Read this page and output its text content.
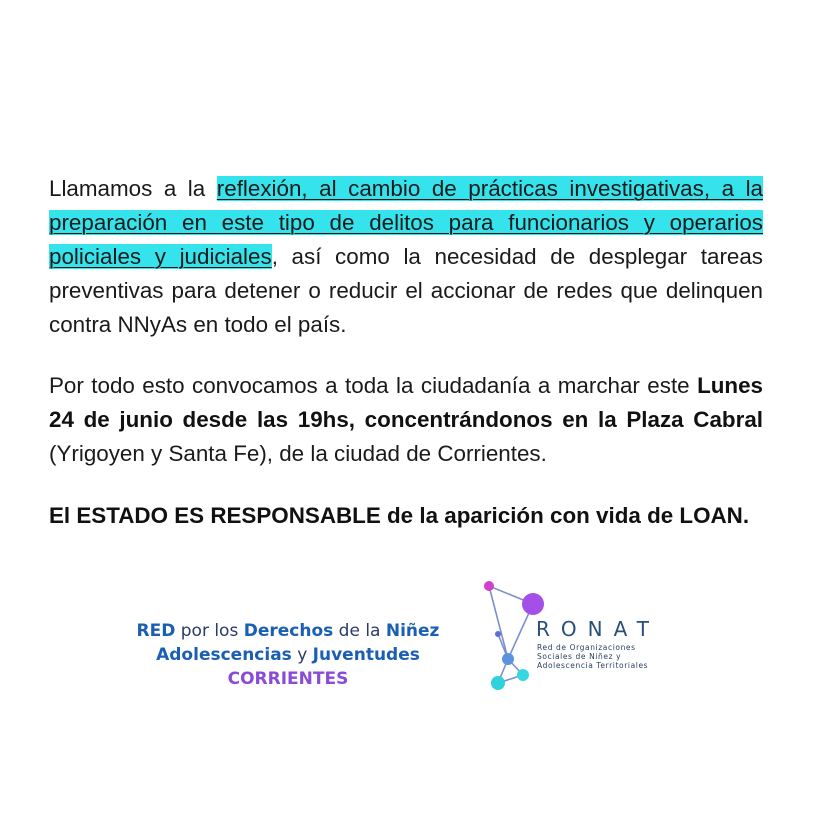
Llamamos a la reflexión, al cambio de prácticas investigativas, a la preparación en este tipo de delitos para funcionarios y operarios policiales y judiciales, así como la necesidad de desplegar tareas preventivas para detener o reducir el accionar de redes que delinquen contra NNyAs en todo el país.
Por todo esto convocamos a toda la ciudadanía a marchar este Lunes 24 de junio desde las 19hs, concentrándonos en la Plaza Cabral (Yrigoyen y Santa Fe), de la ciudad de Corrientes.
El ESTADO ES RESPONSABLE de la aparición con vida de LOAN.
RED por los Derechos de la Niñez
Adolescencias y Juventudes
CORRIENTES
RONAT
Red de Organizaciones
Sociales de Niñez y
Adolescencia Territoriales
